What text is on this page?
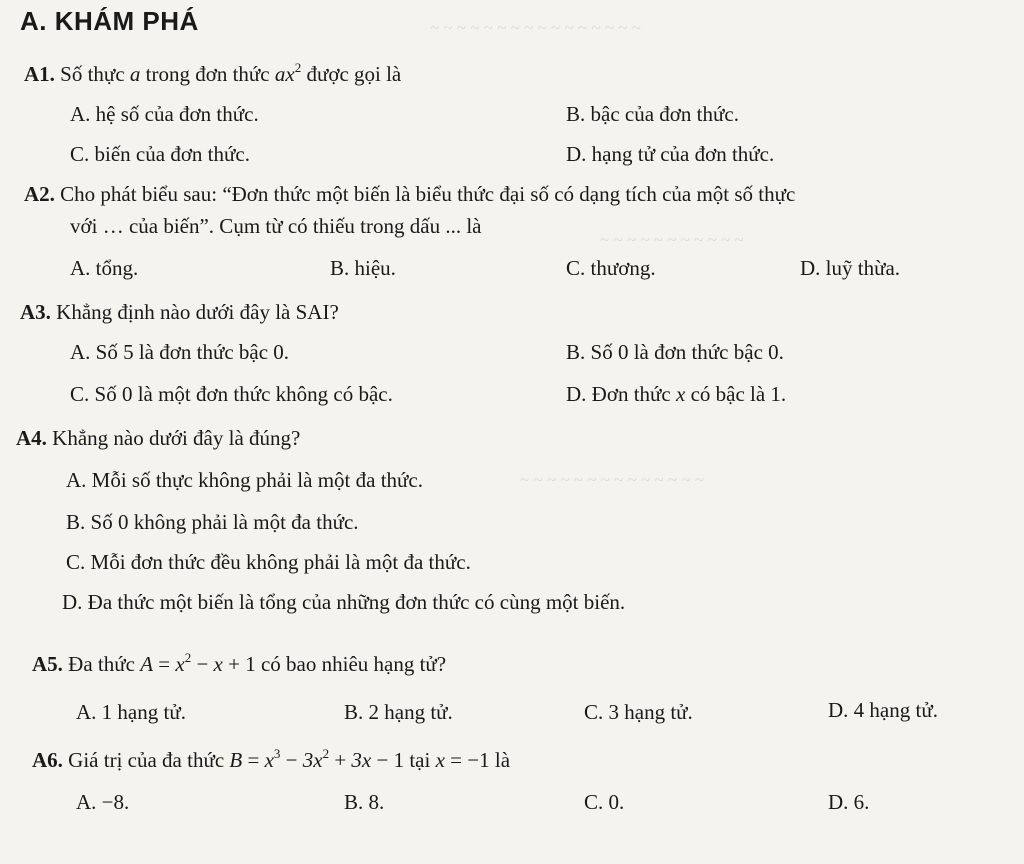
~ ~ ~ ~ ~ ~ ~ ~ ~ ~ ~ ~ ~ ~ ~ ~
~ ~ ~ ~ ~ ~ ~ ~ ~ ~ ~
~ ~ ~ ~ ~ ~ ~ ~ ~ ~ ~ ~ ~ ~
A. KHÁM PHÁ
A1. Số thực a trong đơn thức $ax^2$ được gọi là
A. hệ số của đơn thức.	B. bậc của đơn thức.
C. biến của đơn thức.	D. hạng tử của đơn thức.
A2. Cho phát biểu sau: “Đơn thức một biến là biểu thức đại số có dạng tích của một số thực
với … của biến”. Cụm từ có thiếu trong dấu ... là
A. tổng.	B. hiệu.	C. thương.	D. luỹ thừa.
A3. Khẳng định nào dưới đây là SAI?
A. Số 5 là đơn thức bậc 0.	B. Số 0 là đơn thức bậc 0.
C. Số 0 là một đơn thức không có bậc.	D. Đơn thức x có bậc là 1.
A4. Khẳng nào dưới đây là đúng?
A. Mỗi số thực không phải là một đa thức.
B. Số 0 không phải là một đa thức.
C. Mỗi đơn thức đều không phải là một đa thức.
D. Đa thức một biến là tổng của những đơn thức có cùng một biến.
A5. Đa thức $A = x^2 - x + 1$ có bao nhiêu hạng tử?
A. 1 hạng tử.	B. 2 hạng tử.	C. 3 hạng tử.	D. 4 hạng tử.
A6. Giá trị của đa thức $B = x^3 - 3x^2 + 3x - 1$ tại x = −1 là
A. −8.	B. 8.	C. 0.	D. 6.
